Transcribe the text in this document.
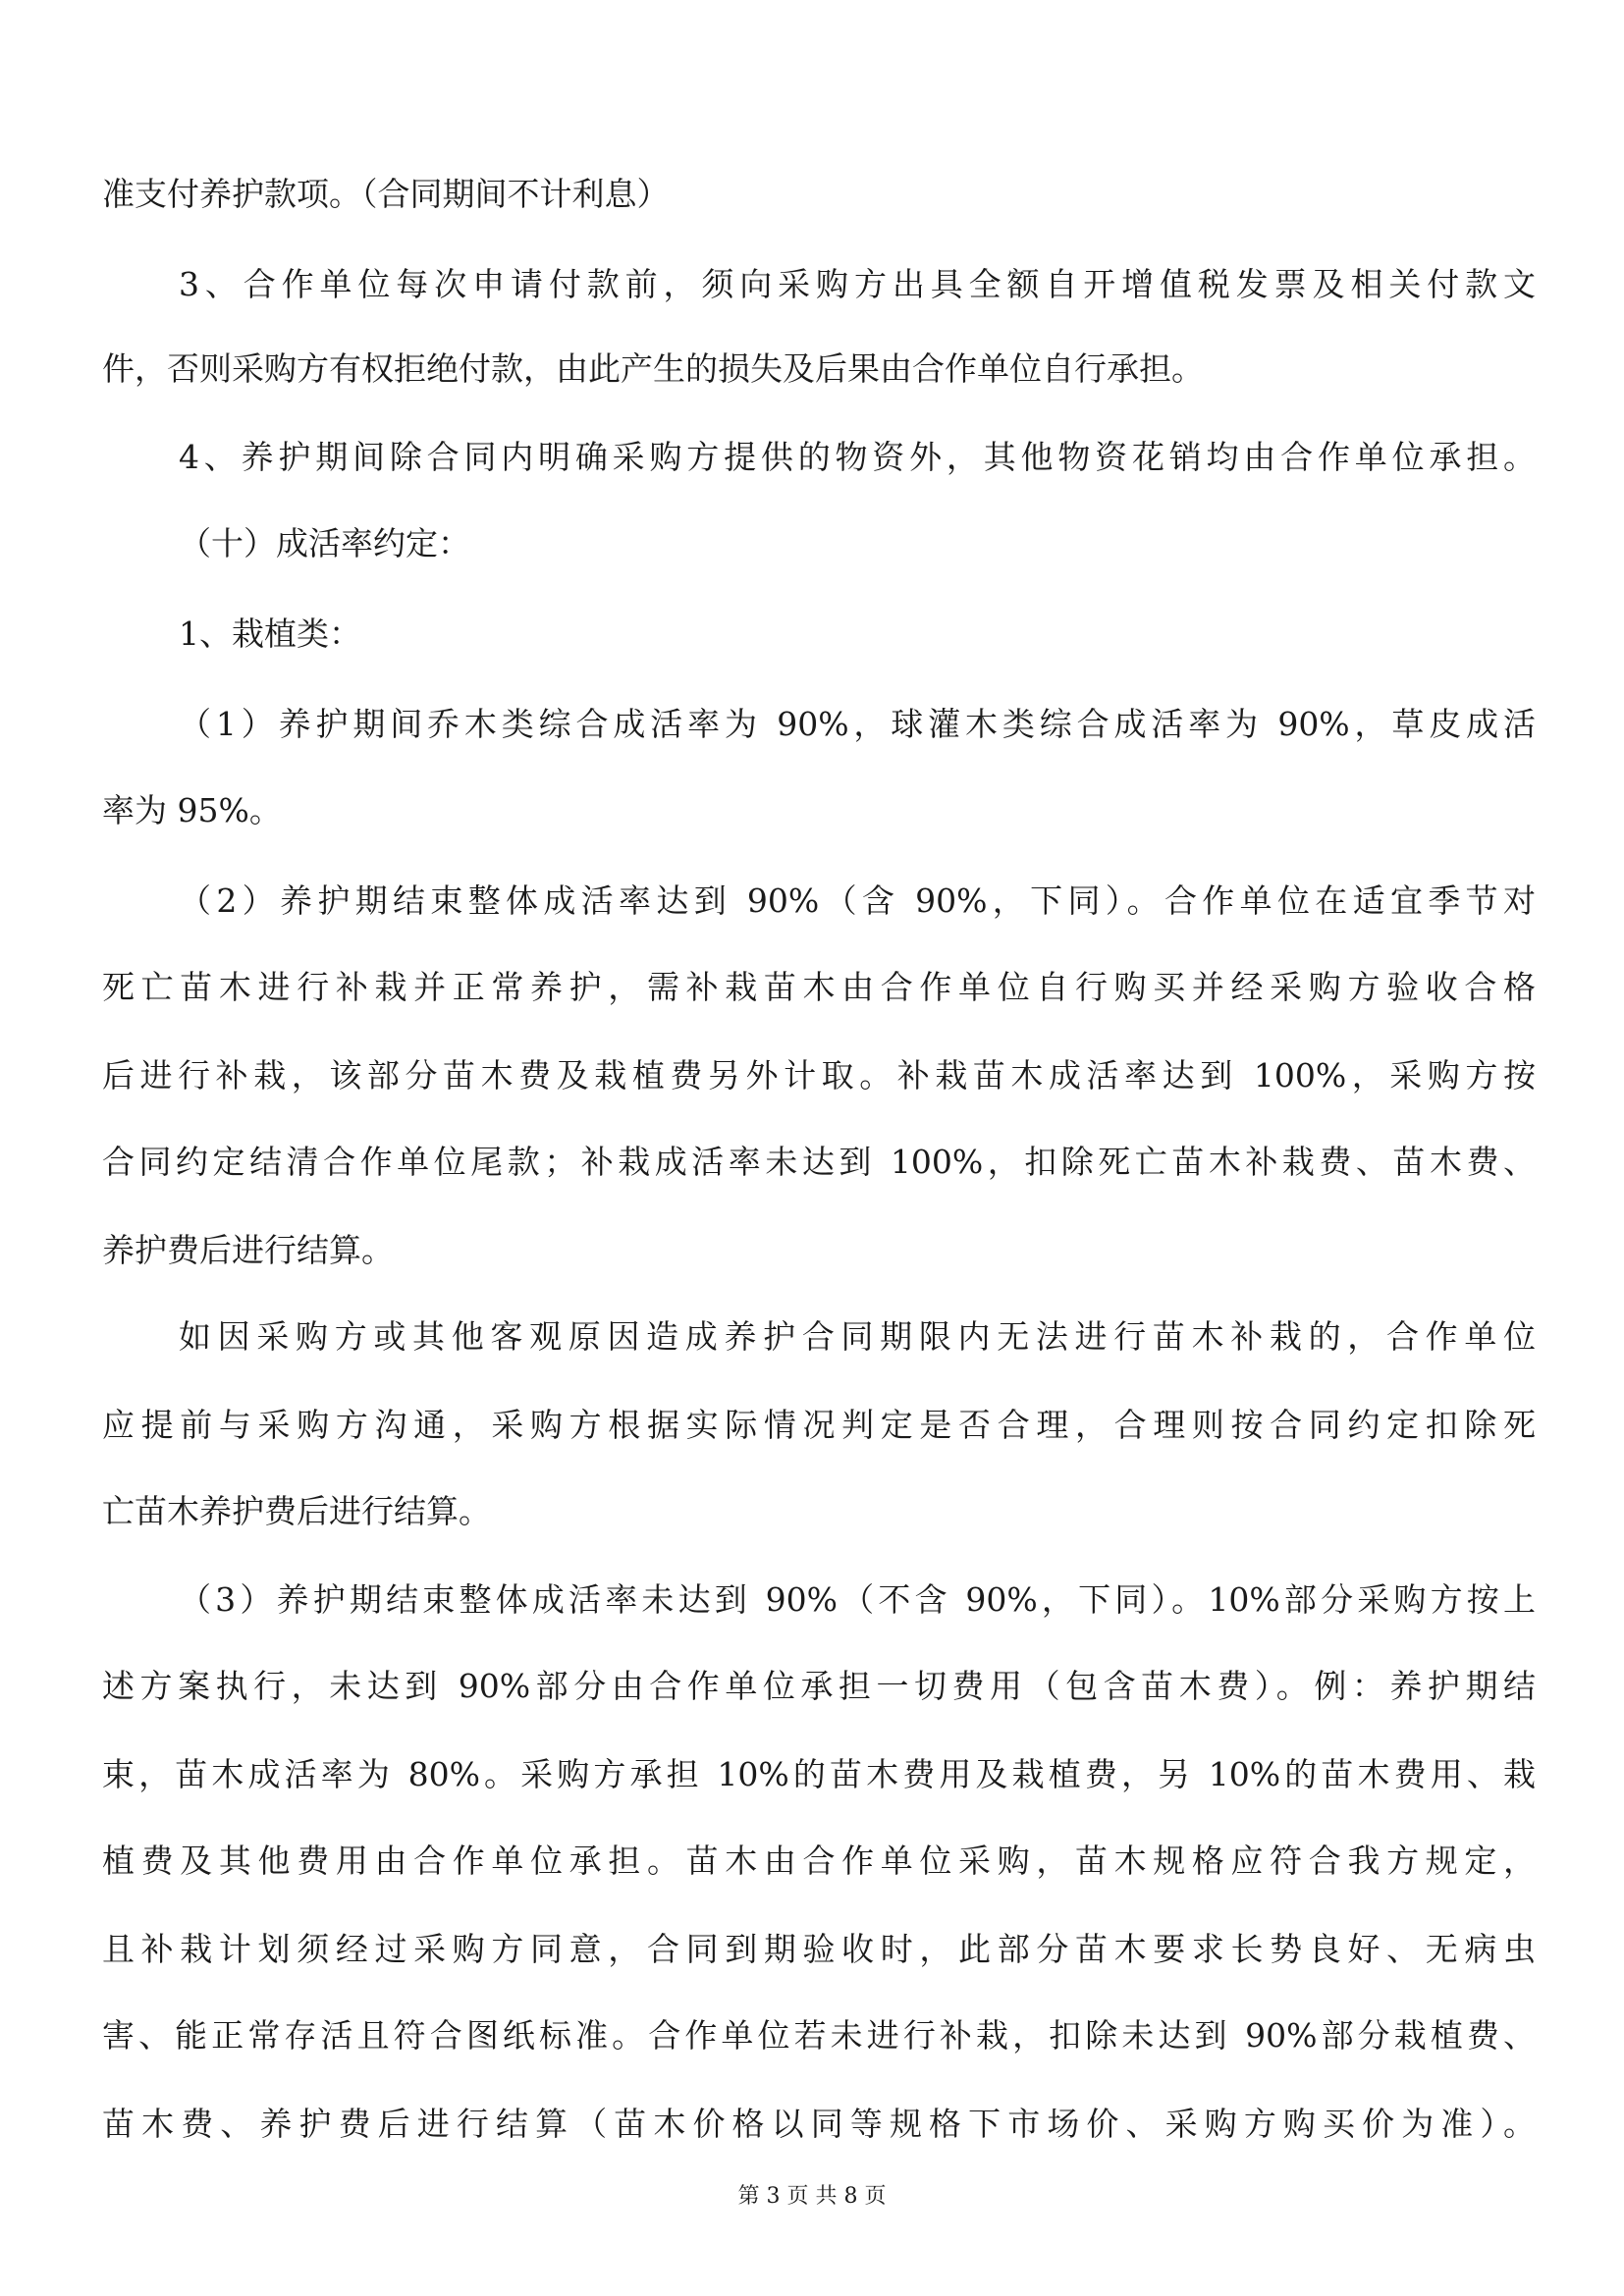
准支付养护款项。（合同期间不计利息）
3、合作单位每次申请付款前，须向采购方出具全额自开增值税发票及相关付款文
件，否则采购方有权拒绝付款，由此产生的损失及后果由合作单位自行承担。
4、养护期间除合同内明确采购方提供的物资外，其他物资花销均由合作单位承担。
（十）成活率约定：
1、栽植类：
（1）养护期间乔木类综合成活率为 90%，球灌木类综合成活率为 90%，草皮成活
率为 95%。
（2）养护期结束整体成活率达到 90%（含 90%，下同）。合作单位在适宜季节对
死亡苗木进行补栽并正常养护，需补栽苗木由合作单位自行购买并经采购方验收合格
后进行补栽，该部分苗木费及栽植费另外计取。补栽苗木成活率达到 100%，采购方按
合同约定结清合作单位尾款；补栽成活率未达到 100%，扣除死亡苗木补栽费、苗木费、
养护费后进行结算。
如因采购方或其他客观原因造成养护合同期限内无法进行苗木补栽的，合作单位
应提前与采购方沟通，采购方根据实际情况判定是否合理，合理则按合同约定扣除死
亡苗木养护费后进行结算。
（3）养护期结束整体成活率未达到 90%（不含 90%，下同）。10%部分采购方按上
述方案执行，未达到 90%部分由合作单位承担一切费用（包含苗木费）。例：养护期结
束，苗木成活率为 80%。采购方承担 10%的苗木费用及栽植费，另 10%的苗木费用、栽
植费及其他费用由合作单位承担。苗木由合作单位采购，苗木规格应符合我方规定，
且补栽计划须经过采购方同意，合同到期验收时，此部分苗木要求长势良好、无病虫
害、能正常存活且符合图纸标准。合作单位若未进行补栽，扣除未达到 90%部分栽植费、
苗木费、养护费后进行结算（苗木价格以同等规格下市场价、采购方购买价为准）。
第 3 页 共 8 页
